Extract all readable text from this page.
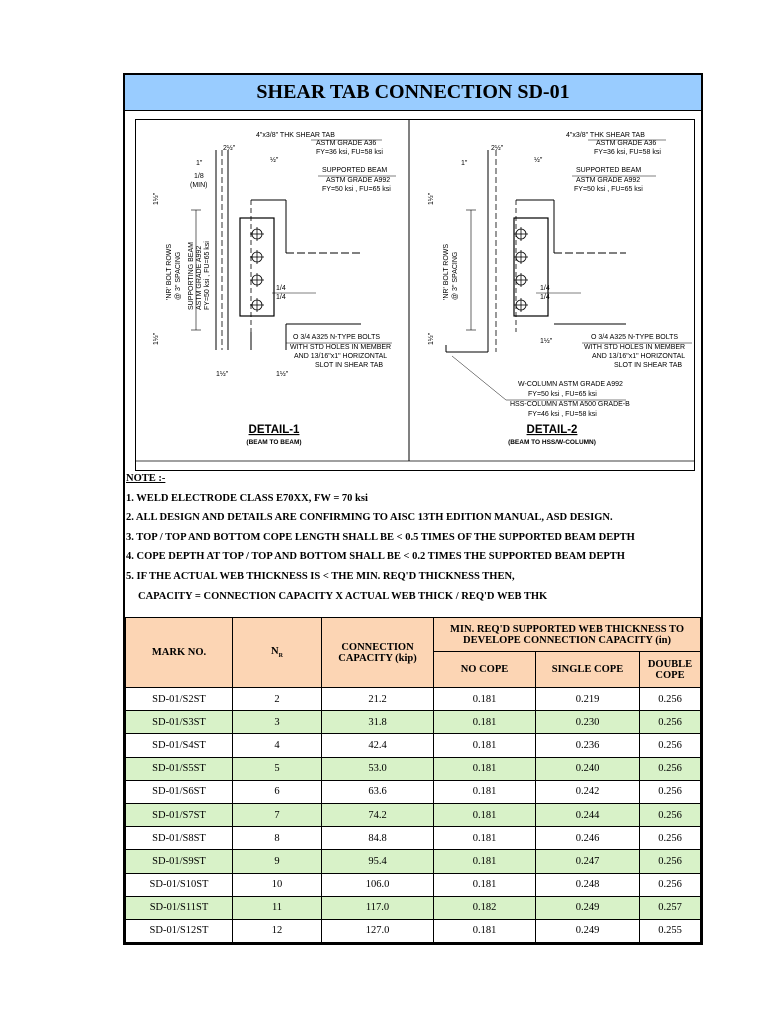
SHEAR TAB CONNECTION SD-01
4"x3/8" THK SHEAR TAB
ASTM GRADE A36
FY=36 ksi, FU=58 ksi
SUPPORTED BEAM
ASTM GRADE A992
FY=50 ksi , FU=65 ksi
1"
1/8
(MIN)
2½"
½"
1½"
1½"
'NR' BOLT ROWS @ 3" SPACING SUPPORTING BEAM ASTM GRADE A992 FY=50 ksi , FU=65 ksi	1/4
1/4
O 3/4 A325 N-TYPE BOLTS
WITH STD HOLES IN MEMBER
AND 13/16"x1" HORIZONTAL
SLOT IN SHEAR TAB
1½"	1½"
DETAIL-1
(BEAM TO BEAM)
4"x3/8" THK SHEAR TAB
ASTM GRADE A36
FY=36 ksi, FU=58 ksi
SUPPORTED BEAM
ASTM GRADE A992
FY=50 ksi , FU=65 ksi
1"
2½"
½"
1½"
1½"
'NR' BOLT ROWS @ 3" SPACING	1/4
1/4
1½"
O 3/4 A325 N-TYPE BOLTS
WITH STD HOLES IN MEMBER
AND 13/16"x1" HORIZONTAL
SLOT IN SHEAR TAB
W-COLUMN ASTM GRADE A992
FY=50 ksi , FU=65 ksi
HSS-COLUMN ASTM A500 GRADE-B
FY=46 ksi , FU=58 ksi
DETAIL-2
(BEAM TO HSS/W-COLUMN)
NOTE :-
1. WELD ELECTRODE CLASS E70XX, FW = 70 ksi
2. ALL DESIGN AND DETAILS ARE CONFIRMING TO AISC 13TH EDITION MANUAL, ASD DESIGN.
3. TOP / TOP AND BOTTOM COPE LENGTH SHALL BE < 0.5 TIMES OF THE SUPPORTED BEAM DEPTH
4. COPE DEPTH AT TOP / TOP AND BOTTOM SHALL BE < 0.2 TIMES THE SUPPORTED BEAM DEPTH
5. IF THE ACTUAL WEB THICKNESS IS < THE MIN. REQ'D THICKNESS THEN,
CAPACITY = CONNECTION CAPACITY X ACTUAL WEB THICK / REQ'D WEB THK
MARK NO.	$N_R$	CONNECTION CAPACITY (kip)	MIN. REQ'D SUPPORTED WEB THICKNESS TO DEVELOPE CONNECTION CAPACITY (in)		
			NO COPE	SINGLE COPE	DOUBLE COPE
SD-01/S2ST	2	21.2	0.181	0.219	0.256
SD-01/S3ST	3	31.8	0.181	0.230	0.256
SD-01/S4ST	4	42.4	0.181	0.236	0.256
SD-01/S5ST	5	53.0	0.181	0.240	0.256
SD-01/S6ST	6	63.6	0.181	0.242	0.256
SD-01/S7ST	7	74.2	0.181	0.244	0.256
SD-01/S8ST	8	84.8	0.181	0.246	0.256
SD-01/S9ST	9	95.4	0.181	0.247	0.256
SD-01/S10ST	10	106.0	0.181	0.248	0.256
SD-01/S11ST	11	117.0	0.182	0.249	0.257
SD-01/S12ST	12	127.0	0.181	0.249	0.255
